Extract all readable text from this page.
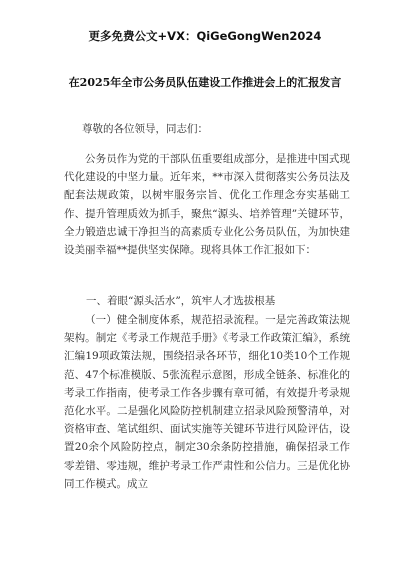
更多免费公文+VX：QiGeGongWen2024
在2025年全市公务员队伍建设工作推进会上的汇报发言
尊敬的各位领导，同志们：
公务员作为党的干部队伍重要组成部分，是推进中国式现代化建设的中坚力量。近年来，**市深入贯彻落实公务员法及配套法规政策，以树牢服务宗旨、优化工作理念夯实基础工作、提升管理质效为抓手，聚焦“源头、培养管理”关键环节，全力锻造忠诚干净担当的高素质专业化公务员队伍，为加快建设美丽幸福**提供坚实保障。现将具体工作汇报如下：
一、着眼“源头活水”，筑牢人才选拔根基
（一）健全制度体系，规范招录流程。一是完善政策法规架构。制定《考录工作规范手册》《考录工作政策汇编》，系统汇编19项政策法规，围绕招录各环节，细化10类10个工作规范、47个标准模版、5张流程示意图，形成全链条、标准化的考录工作指南，使考录工作各步骤有章可循，有效提升考录规范化水平。二是强化风险防控机制建立招录风险预警清单，对资格审查、笔试组织、面试实施等关键环节进行风险评估，设置20余个风险防控点，制定30余条防控措施，确保招录工作零差错、零违规，维护考录工作严肃性和公信力。三是优化协同工作模式。成立
